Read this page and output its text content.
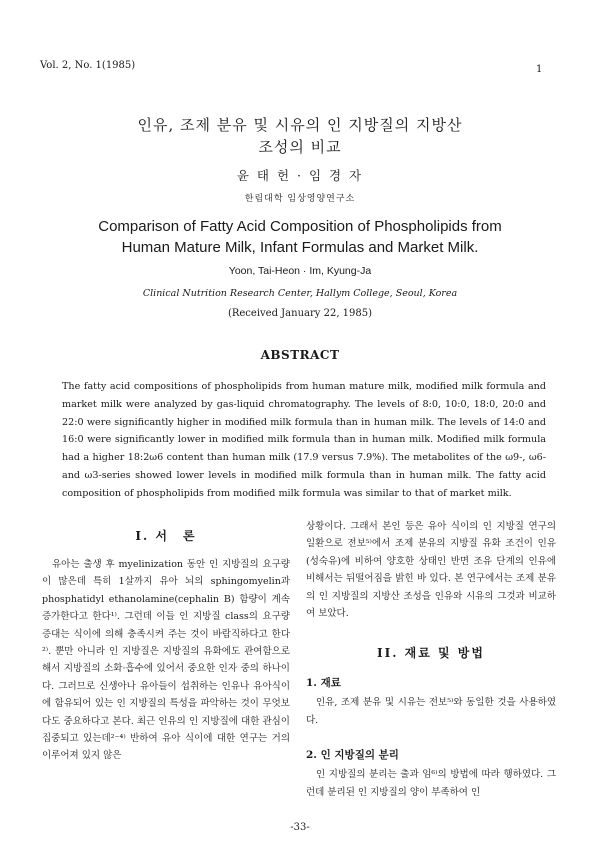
Vol. 2, No. 1(1985)	1
인유, 조제 분유 및 시유의 인 지방질의 지방산
조성의 비교
윤 태 헌 · 임 경 자
한림대학 임상영양연구소
Comparison of Fatty Acid Composition of Phospholipids from
Human Mature Milk, Infant Formulas and Market Milk.
Yoon, Tai-Heon · Im, Kyung-Ja
Clinical Nutrition Research Center, Hallym College, Seoul, Korea
(Received January 22, 1985)
ABSTRACT
The fatty acid compositions of phospholipids from human mature milk, modified milk formula and market milk were analyzed by gas-liquid chromatography. The levels of 8:0, 10:0, 18:0, 20:0 and 22:0 were significantly higher in modified milk formula than in human milk. The levels of 14:0 and 16:0 were significantly lower in modified milk formula than in human milk. Modified milk formula had a higher 18:2ω6 content than human milk (17.9 versus 7.9%). The metabolites of the ω9-, ω6- and ω3-series showed lower levels in modified milk formula than in human milk. The fatty acid composition of phospholipids from modified milk formula was similar to that of market milk.
I. 서　론
유아는 출생 후 myelinization 동안 인 지방질의 요구량이 많은데 특히 1살까지 유아 뇌의 sphingomyelin과 phosphatidyl ethanolamine(cephalin B) 함량이 계속 증가한다고 한다¹⁾. 그런데 이들 인 지방질 class의 요구량 증대는 식이에 의해 충족시켜 주는 것이 바람직하다고 한다²⁾. 뿐만 아니라 인 지방질은 지방질의 유화에도 관여함으로 해서 지방질의 소화·흡수에 있어서 중요한 인자 중의 하나이다. 그러므로 신생아나 유아들이 섭취하는 인유나 유아식이에 함유되어 있는 인 지방질의 특성을 파악하는 것이 무엇보다도 중요하다고 본다. 최근 인유의 인 지방질에 대한 관심이 집중되고 있는데²⁻⁴⁾ 반하여 유아 식이에 대한 연구는 거의 이루어져 있지 않은
상황이다. 그래서 본인 등은 유아 식이의 인 지방질 연구의 일환으로 전보⁵⁾에서 조제 분유의 지방질 유화 조건이 인유(성숙유)에 비하여 양호한 상태인 반면 조유 단계의 인유에 비해서는 뒤떨어짐을 밝힌 바 있다. 본 연구에서는 조제 분유의 인 지방질의 지방산 조성을 인유와 시유의 그것과 비교하여 보았다.
II. 재료 및 방법
1. 재료
인유, 조제 분유 및 시유는 전보⁵⁾와 동일한 것을 사용하였다.
2. 인 지방질의 분리
인 지방질의 분리는 출과 임⁶⁾의 방법에 따라 행하였다. 그런데 분리된 인 지방질의 양이 부족하여 인
-33-
